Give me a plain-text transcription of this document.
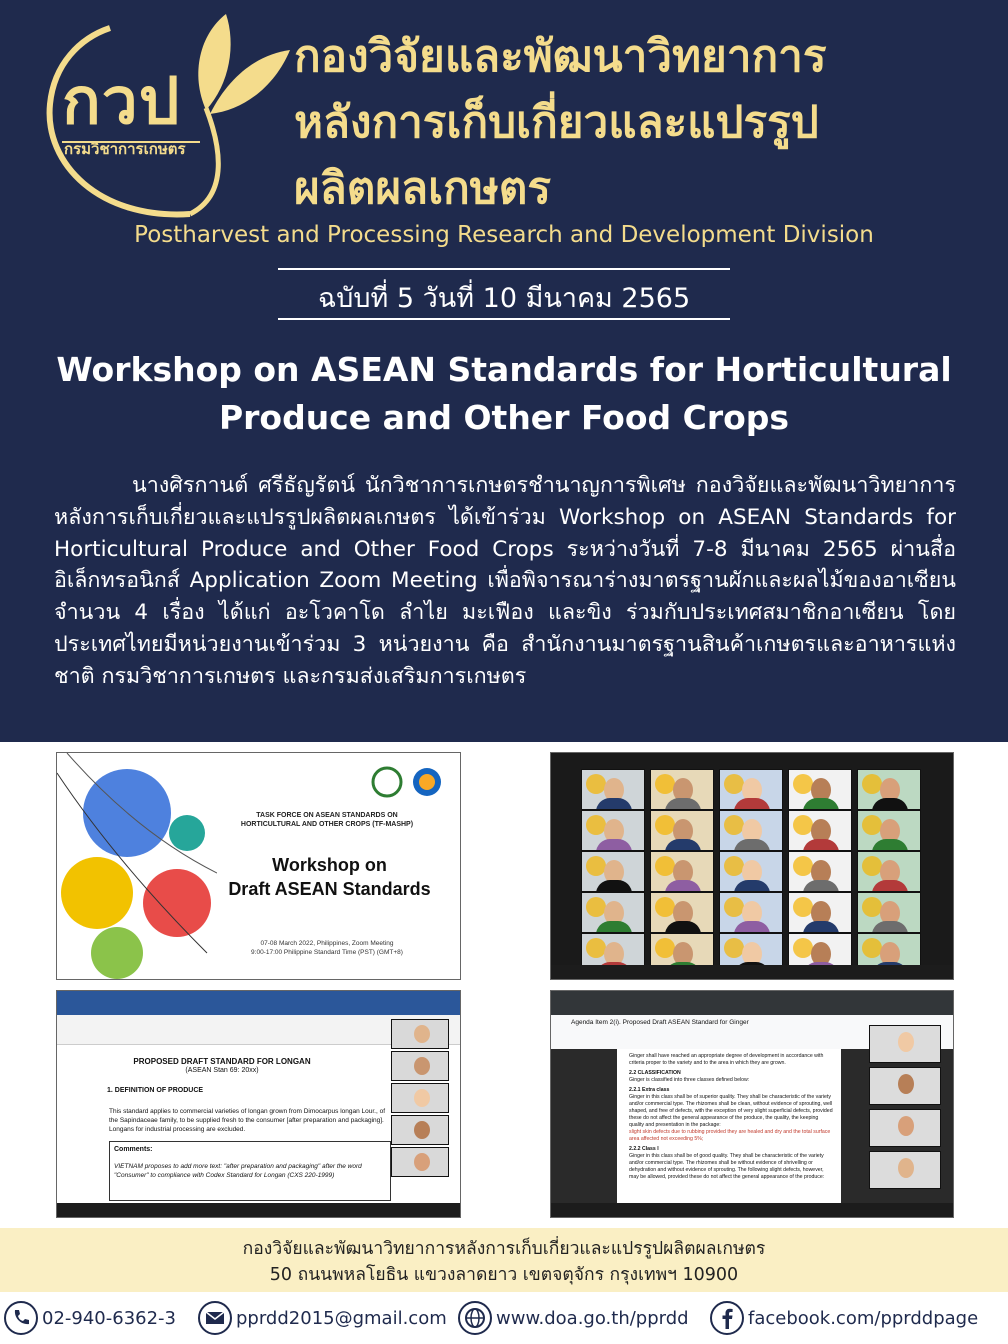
กวป
กรมวิชาการเกษตร
กองวิจัยและพัฒนาวิทยาการ
หลังการเก็บเกี่ยวและแปรรูป
ผลิตผลเกษตร
Postharvest and Processing Research and Development Division
ฉบับที่ 5 วันที่ 10 มีนาคม 2565
Workshop on ASEAN Standards for Horticultural
Produce and Other Food Crops
นางศิรกานต์ ศรีธัญรัตน์ นักวิชาการเกษตรชำนาญการพิเศษ กองวิจัยและพัฒนาวิทยาการหลังการเก็บเกี่ยวและแปรรูปผลิตผลเกษตร ได้เข้าร่วม Workshop on ASEAN Standards for Horticultural Produce and Other Food Crops ระหว่างวันที่ 7-8 มีนาคม 2565 ผ่านสื่ออิเล็กทรอนิกส์ Application Zoom Meeting เพื่อพิจารณาร่างมาตรฐานผักและผลไม้ของอาเซียน จำนวน 4 เรื่อง ได้แก่ อะโวคาโด ลำไย มะเฟือง และขิง ร่วมกับประเทศสมาชิกอาเซียน โดยประเทศไทยมีหน่วยงานเข้าร่วม 3 หน่วยงาน คือ สำนักงานมาตรฐานสินค้าเกษตรและอาหารแห่งชาติ กรมวิชาการเกษตร และกรมส่งเสริมการเกษตร
TASK FORCE ON ASEAN STANDARDS ON
HORTICULTURAL AND OTHER CROPS (TF-MASHP)
Workshop on
Draft ASEAN Standards
07-08 March 2022, Philippines, Zoom Meeting
9:00-17:00 Philippine Standard Time (PST) (GMT+8)
PROPOSED DRAFT STANDARD FOR LONGAN
(ASEAN Stan 69: 20xx)
1. DEFINITION OF PRODUCE
This standard applies to commercial varieties of longan grown from Dimocarpus longan Lour., of the Sapindaceae family, to be supplied fresh to the consumer [after preparation and packaging]. Longans for industrial processing are excluded.
Comments:
VIETNAM proposes to add more text: "after preparation and packaging" after the word "Consumer" to compliance with Codex Standard for Longan (CXS 220-1999)
Agenda Item 2(i). Proposed Draft ASEAN Standard for Ginger
Ginger shall have reached an appropriate degree of development in accordance with criteria proper to the variety and to the area in which they are grown.
2.2 CLASSIFICATION
Ginger is classified into three classes defined below:
2.2.1 Extra class
Ginger in this class shall be of superior quality. They shall be characteristic of the variety and/or commercial type. The rhizomes shall be clean, without evidence of sprouting, well shaped, and free of defects, with the exception of very slight superficial defects, provided these do not affect the general appearance of the produce, the quality, the keeping quality and presentation in the package:
slight skin defects due to rubbing provided they are healed and dry and the total surface area affected not exceeding 5%;
2.2.2 Class I
Ginger in this class shall be of good quality. They shall be characteristic of the variety and/or commercial type. The rhizomes shall be without evidence of shrivelling or dehydration and without evidence of sprouting. The following slight defects, however, may be allowed, provided these do not affect the general appearance of the produce:
กองวิจัยและพัฒนาวิทยาการหลังการเก็บเกี่ยวและแปรรูปผลิตผลเกษตร
50 ถนนพหลโยธิน แขวงลาดยาว เขตจตุจักร กรุงเทพฯ 10900
02-940-6362-3	pprdd2015@gmail.com	www.doa.go.th/pprdd	facebook.com/pprddpage
